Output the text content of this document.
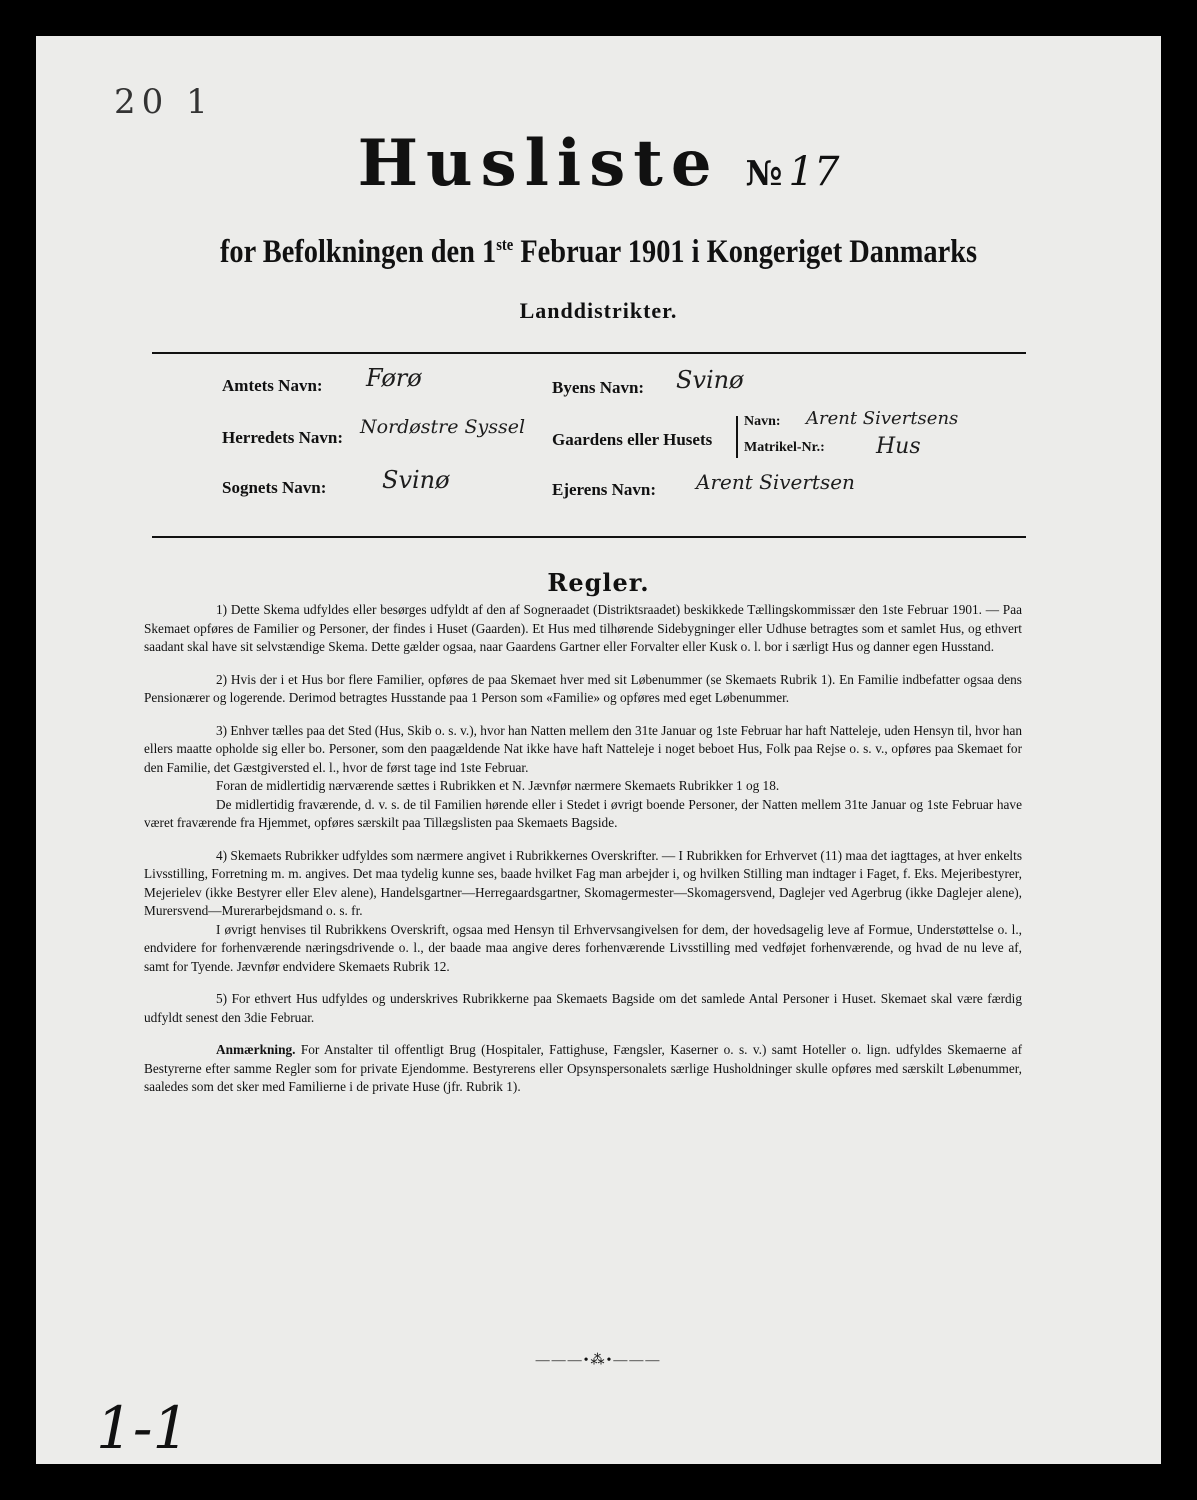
20 1
Husliste № 17
for Befolkningen den 1ste Februar 1901 i Kongeriget Danmarks
Landdistrikter.
Amtets Navn: Førø	Byens Navn: Svinø
Herredets Navn: Nordøstre Syssel
Gaardens eller Husets
Navn: Arent Sivertsens
Matrikel-Nr.: Hus
Sognets Navn: Svinø	Ejerens Navn: Arent Sivertsen
Regler.

1) Dette Skema udfyldes eller besørges udfyldt af den af Sogneraadet (Distriktsraadet) beskikkede Tællingskommissær den 1ste Februar 1901. — Paa Skemaet opføres de Familier og Personer, der findes i Huset (Gaarden). Et Hus med tilhørende Sidebygninger eller Udhuse betragtes som et samlet Hus, og ethvert saadant skal have sit selvstændige Skema. Dette gælder ogsaa, naar Gaardens Gartner eller Forvalter eller Kusk o. l. bor i særligt Hus og danner egen Husstand.

2) Hvis der i et Hus bor flere Familier, opføres de paa Skemaet hver med sit Løbenummer (se Skemaets Rubrik 1). En Familie indbefatter ogsaa dens Pensionærer og logerende. Derimod betragtes Husstande paa 1 Person som «Familie» og opføres med eget Løbenummer.

3) Enhver tælles paa det Sted (Hus, Skib o. s. v.), hvor han Natten mellem den 31te Januar og 1ste Februar har haft Natteleje, uden Hensyn til, hvor han ellers maatte opholde sig eller bo. Personer, som den paagældende Nat ikke have haft Natteleje i noget beboet Hus, Folk paa Rejse o. s. v., opføres paa Skemaet for den Familie, det Gæstgiversted el. l., hvor de først tage ind 1ste Februar.

Foran de midlertidig nærværende sættes i Rubrikken et N. Jævnfør nærmere Skemaets Rubrikker 1 og 18.

De midlertidig fraværende, d. v. s. de til Familien hørende eller i Stedet i øvrigt boende Personer, der Natten mellem 31te Januar og 1ste Februar have været fraværende fra Hjemmet, opføres særskilt paa Tillægslisten paa Skemaets Bagside.

4) Skemaets Rubrikker udfyldes som nærmere angivet i Rubrikkernes Overskrifter. — I Rubrikken for Erhvervet (11) maa det iagttages, at hver enkelts Livsstilling, Forretning m. m. angives. Det maa tydelig kunne ses, baade hvilket Fag man arbejder i, og hvilken Stilling man indtager i Faget, f. Eks. Mejeribestyrer, Mejerielev (ikke Bestyrer eller Elev alene), Handelsgartner—Herregaardsgartner, Skomagermester—Skomagersvend, Daglejer ved Agerbrug (ikke Daglejer alene), Murersvend—Murerarbejdsmand o. s. fr.

I øvrigt henvises til Rubrikkens Overskrift, ogsaa med Hensyn til Erhvervsangivelsen for dem, der hovedsagelig leve af Formue, Understøttelse o. l., endvidere for forhenværende næringsdrivende o. l., der baade maa angive deres forhenværende Livsstilling med vedføjet forhenværende, og hvad de nu leve af, samt for Tyende. Jævnfør endvidere Skemaets Rubrik 12.

5) For ethvert Hus udfyldes og underskrives Rubrikkerne paa Skemaets Bagside om det samlede Antal Personer i Huset. Skemaet skal være færdig udfyldt senest den 3die Februar.

Anmærkning. For Anstalter til offentligt Brug (Hospitaler, Fattighuse, Fængsler, Kaserner o. s. v.) samt Hoteller o. lign. udfyldes Skemaerne af Bestyrerne efter samme Regler som for private Ejendomme. Bestyrerens eller Opsynspersonalets særlige Husholdninger skulle opføres med særskilt Løbenummer, saaledes som det sker med Familierne i de private Huse (jfr. Rubrik 1).

———•⁂•———
1-1
